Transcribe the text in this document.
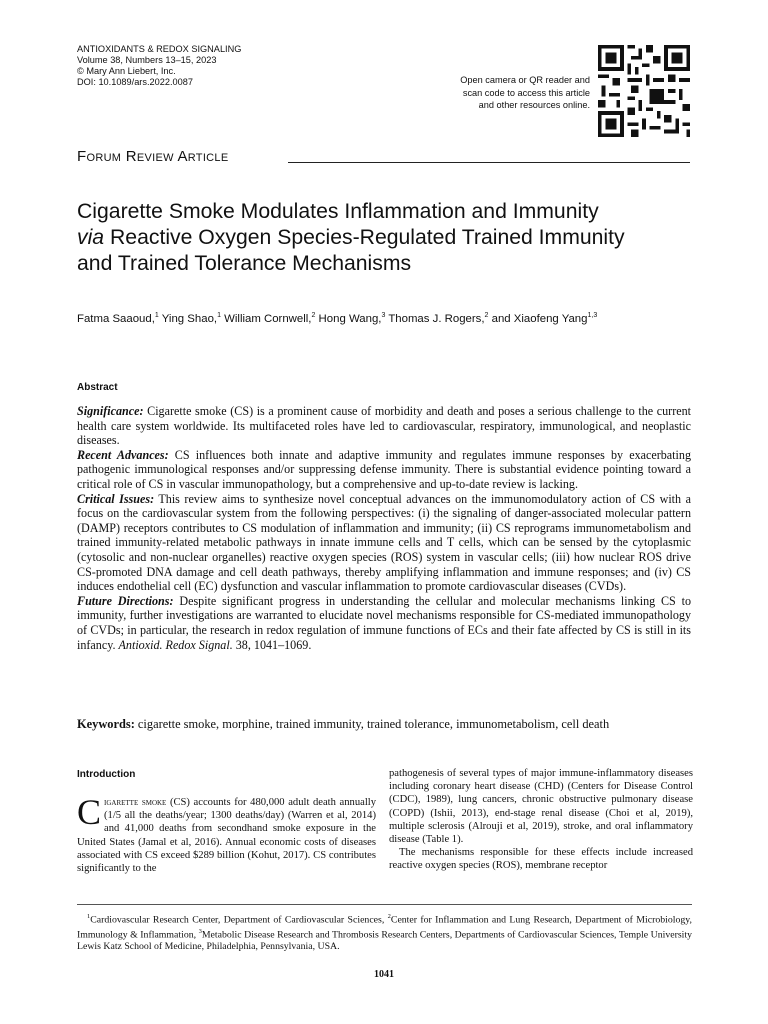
ANTIOXIDANTS & REDOX SIGNALING
Volume 38, Numbers 13–15, 2023
© Mary Ann Liebert, Inc.
DOI: 10.1089/ars.2022.0087	Open camera or QR reader and
scan code to access this article
and other resources online.
Forum Review Article
Cigarette Smoke Modulates Inflammation and Immunity
via Reactive Oxygen Species-Regulated Trained Immunity
and Trained Tolerance Mechanisms
Fatma Saaoud,$^1$ Ying Shao,$^1$ William Cornwell,$^2$ Hong Wang,$^3$ Thomas J. Rogers,$^2$ and Xiaofeng Yang$^{1,3}$
Abstract

Significance: Cigarette smoke (CS) is a prominent cause of morbidity and death and poses a serious challenge to the current health care system worldwide. Its multifaceted roles have led to cardiovascular, respiratory, immunological, and neoplastic diseases.

Recent Advances: CS influences both innate and adaptive immunity and regulates immune responses by exacerbating pathogenic immunological responses and/or suppressing defense immunity. There is substantial evidence pointing toward a critical role of CS in vascular immunopathology, but a comprehensive and up-to-date review is lacking.

Critical Issues: This review aims to synthesize novel conceptual advances on the immunomodulatory action of CS with a focus on the cardiovascular system from the following perspectives: (i) the signaling of danger-associated molecular pattern (DAMP) receptors contributes to CS modulation of inflammation and immunity; (ii) CS reprograms immunometabolism and trained immunity-related metabolic pathways in innate immune cells and T cells, which can be sensed by the cytoplasmic (cytosolic and non-nuclear organelles) reactive oxygen species (ROS) system in vascular cells; (iii) how nuclear ROS drive CS-promoted DNA damage and cell death pathways, thereby amplifying inflammation and immune responses; and (iv) CS induces endothelial cell (EC) dysfunction and vascular inflammation to promote cardiovascular diseases (CVDs).

Future Directions: Despite significant progress in understanding the cellular and molecular mechanisms linking CS to immunity, further investigations are warranted to elucidate novel mechanisms responsible for CS-mediated immunopathology of CVDs; in particular, the research in redox regulation of immune functions of ECs and their fate affected by CS is still in its infancy. Antioxid. Redox Signal. 38, 1041–1069.

Keywords: cigarette smoke, morphine, trained immunity, trained tolerance, immunometabolism, cell death
Introduction
Cigarette smoke (CS) accounts for 480,000 adult death annually (1/5 all the deaths/year; 1300 deaths/day) (Warren et al, 2014) and 41,000 deaths from secondhand smoke exposure in the United States (Jamal et al, 2016). Annual economic costs of diseases associated with CS exceed $289 billion (Kohut, 2017). CS contributes significantly to the

pathogenesis of several types of major immune-inflammatory diseases including coronary heart disease (CHD) (Centers for Disease Control (CDC), 1989), lung cancers, chronic obstructive pulmonary disease (COPD) (Ishii, 2013), end-stage renal disease (Choi et al, 2019), multiple sclerosis (Alrouji et al, 2019), stroke, and oral inflammatory disease (Table 1).

The mechanisms responsible for these effects include increased reactive oxygen species (ROS), membrane receptor

$^1$Cardiovascular Research Center, Department of Cardiovascular Sciences, $^2$Center for Inflammation and Lung Research, Department of Microbiology, Immunology & Inflammation, $^3$Metabolic Disease Research and Thrombosis Research Centers, Departments of Cardiovascular Sciences, Temple University Lewis Katz School of Medicine, Philadelphia, Pennsylvania, USA.
1041
